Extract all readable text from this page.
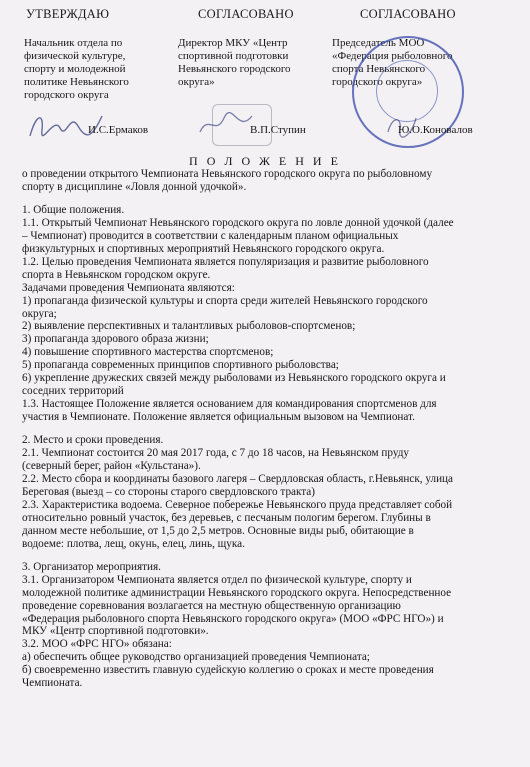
УТВЕРЖДАЮ
Начальник отдела по
физической культуре,
спорту и молодежной
политике Невьянского
городского округа
СОГЛАСОВАНО
Директор МКУ «Центр
спортивной подготовки
Невьянского городского
округа»
СОГЛАСОВАНО
Председатель МОО
«Федерация рыболовного
спорта Невьянского
городского округа»
И.С.Ермаков	В.П.Ступин	Ю.О.Коновалов
П О Л О Ж Е Н И Е

о проведении открытого Чемпионата Невьянского городского округа по рыболовному

спорту в дисциплине «Ловля донной удочкой».

1. Общие положения.

1.1. Открытый Чемпионат Невьянского городского округа по ловле донной удочкой (далее

– Чемпионат) проводится в соответствии с календарным планом официальных

физкультурных и спортивных мероприятий Невьянского городского округа.

1.2. Целью проведения Чемпионата является популяризация и развитие рыболовного

спорта в Невьянском городском округе.

Задачами проведения Чемпионата являются:

1) пропаганда физической культуры и спорта среди жителей Невьянского городского

округа;

2) выявление перспективных и талантливых рыболовов-спортсменов;

3) пропаганда здорового образа жизни;

4) повышение спортивного мастерства спортсменов;

5) пропаганда современных принципов спортивного рыболовства;

6) укрепление дружеских связей между рыболовами из Невьянского городского округа и

соседних территорий

1.3. Настоящее Положение является основанием для командирования спортсменов для

участия в Чемпионате. Положение является официальным вызовом на Чемпионат.

2. Место и сроки проведения.

2.1. Чемпионат состоится 20 мая 2017 года, с 7 до 18 часов, на Невьянском пруду

(северный берег, район «Кульстана»).

2.2. Место сбора и координаты базового лагеря – Свердловская область, г.Невьянск, улица

Береговая (выезд – со стороны старого свердловского тракта)

2.3. Характеристика водоема. Северное побережье Невьянского пруда представляет собой

относительно ровный участок, без деревьев, с песчаным пологим берегом. Глубины в

данном месте небольшие, от 1,5 до 2,5 метров. Основные виды рыб, обитающие в

водоеме: плотва, лещ, окунь, елец, линь, щука.

3. Организатор мероприятия.

3.1. Организатором Чемпионата является отдел по физической культуре, спорту и

молодежной политике администрации Невьянского городского округа. Непосредственное

проведение соревнования возлагается на местную общественную организацию

«Федерация рыболовного спорта Невьянского городского округа» (МОО «ФРС НГО») и

МКУ «Центр спортивной подготовки».

3.2. МОО «ФРС НГО» обязана:

а) обеспечить общее руководство организацией проведения Чемпионата;

б) своевременно известить главную судейскую коллегию о сроках и месте проведения

Чемпионата.
